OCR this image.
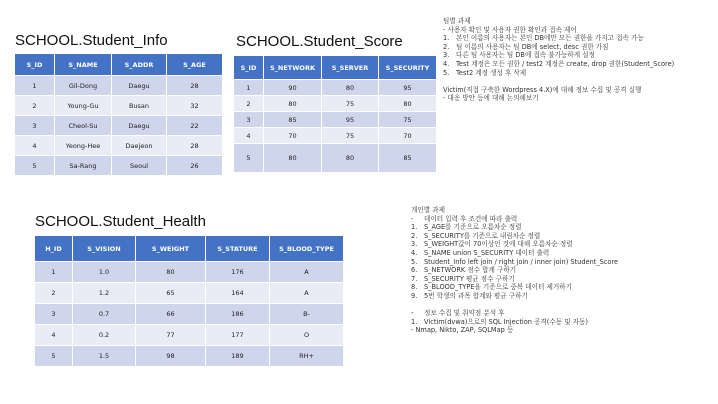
SCHOOL.Student_Info
S_ID	S_NAME	S_ADDR	S_AGE
1	Gil-Dong	Daegu	28
2	Young-Gu	Busan	32
3	Cheol-Su	Daegu	22
4	Yeong-Hee	Daejeon	28
5	Sa-Rang	Seoul	26
SCHOOL.Student_Score
S_ID	S_NETWORK	S_SERVER	S_SECURITY
1	90	80	95
2	80	75	80
3	85	95	75
4	70	75	70
5	80	80	85
SCHOOL.Student_Health
H_ID	S_VISION	S_WEIGHT	S_STATURE	S_BLOOD_TYPE
1	1.0	80	176	A
2	1.2	65	164	A
3	0.7	66	186	B-
4	0.2	77	177	O
5	1.5	98	189	RH+
팀별 과제
- 사용자 확인 및 사용자 권한 확인과 접속 제어
1. 본인 이름의 사용자는 본인 DB에만 모든 권한을 가지고 접속 가능
2. 팀 이름의 사용자는 팀 DB에 select, desc 권한 가짐
3. 다른 팀 사용자는 팀 DB에 접속 불가능하게 설정
4. Test 계정은 모든 권한 / test2 계정은 create, drop 권한(Student_Score)
5. Test2 계정 생성 후 삭제
Victim(직접 구축한 Wordpress 4.X)에 대해 정보 수집 및 공격 실행
- 대응 방안 등에 대해 논의해보기
개인별 과제
- 데이터 입력 후 조건에 따라 출력
1. S_AGE를 기준으로 오름차순 정렬
2. S_SECURITY를 기준으로 내림차순 정렬
3. S_WEIGHT값이 70이상인 것에 대해 오름차순 정렬
4. S_NAME union S_SECURITY 데이터 출력
5. Student_Info left join / right join / inner join) Student_Score
6. S_NETWORK 점수 합계 구하기
7. S_SECURITY 평균 점수 구하기
8. S_BLOOD_TYPE을 기준으로 중복 데이터 제거하기
9. 5번 학생의 과목 합계와 평균 구하기
- 정보 수집 및 취약점 분석 후
1. Victim(dvwa)으로의 SQL Injection 공격(수동 및 자동)
- Nmap, Nikto, ZAP, SQLMap 등
